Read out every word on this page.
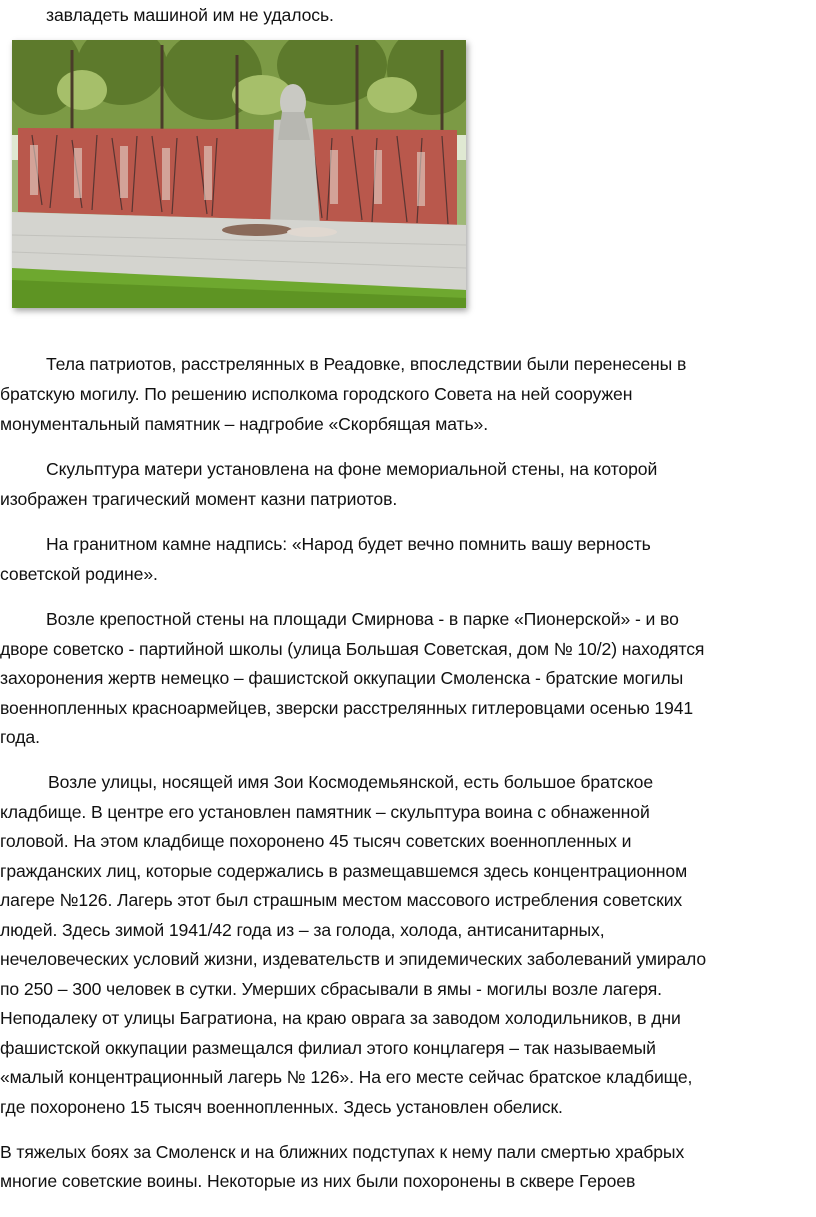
завладеть машиной им не удалось.
Тела патриотов, расстрелянных в Реадовке, впоследствии были перенесены в
братскую могилу. По решению исполкома городского Совета на ней сооружен
монументальный памятник – надгробие «Скорбящая мать».
Скульптура матери установлена на фоне мемориальной стены, на которой
изображен трагический момент казни патриотов.
На гранитном камне надпись: «Народ будет вечно помнить вашу верность
советской родине».
Возле крепостной стены на площади Смирнова - в парке «Пионерской» - и во
дворе советско - партийной школы (улица Большая Советская, дом № 10/2) находятся
захоронения жертв немецко – фашистской оккупации Смоленска - братские могилы
военнопленных красноармейцев, зверски расстрелянных гитлеровцами осенью 1941
года.
Возле улицы, носящей имя Зои Космодемьянской, есть большое братское
кладбище. В центре его установлен памятник – скульптура воина с обнаженной
головой. На этом кладбище похоронено 45 тысяч советских военнопленных и
гражданских лиц, которые содержались в размещавшемся здесь концентрационном
лагере №126. Лагерь этот был страшным местом массового истребления советских
людей. Здесь зимой 1941/42 года из – за голода, холода, антисанитарных,
нечеловеческих условий жизни, издевательств и эпидемических заболеваний умирало
по 250 – 300 человек в сутки. Умерших сбрасывали в ямы - могилы возле лагеря.
Неподалеку от улицы Багратиона, на краю оврага за заводом холодильников, в дни
фашистской оккупации размещался филиал этого концлагеря – так называемый
«малый концентрационный лагерь № 126». На его месте сейчас братское кладбище,
где похоронено 15 тысяч военнопленных. Здесь установлен обелиск.
В тяжелых боях за Смоленск и на ближних подступах к нему пали смертью храбрых
многие советские воины. Некоторые из них были похоронены в сквере Героев
